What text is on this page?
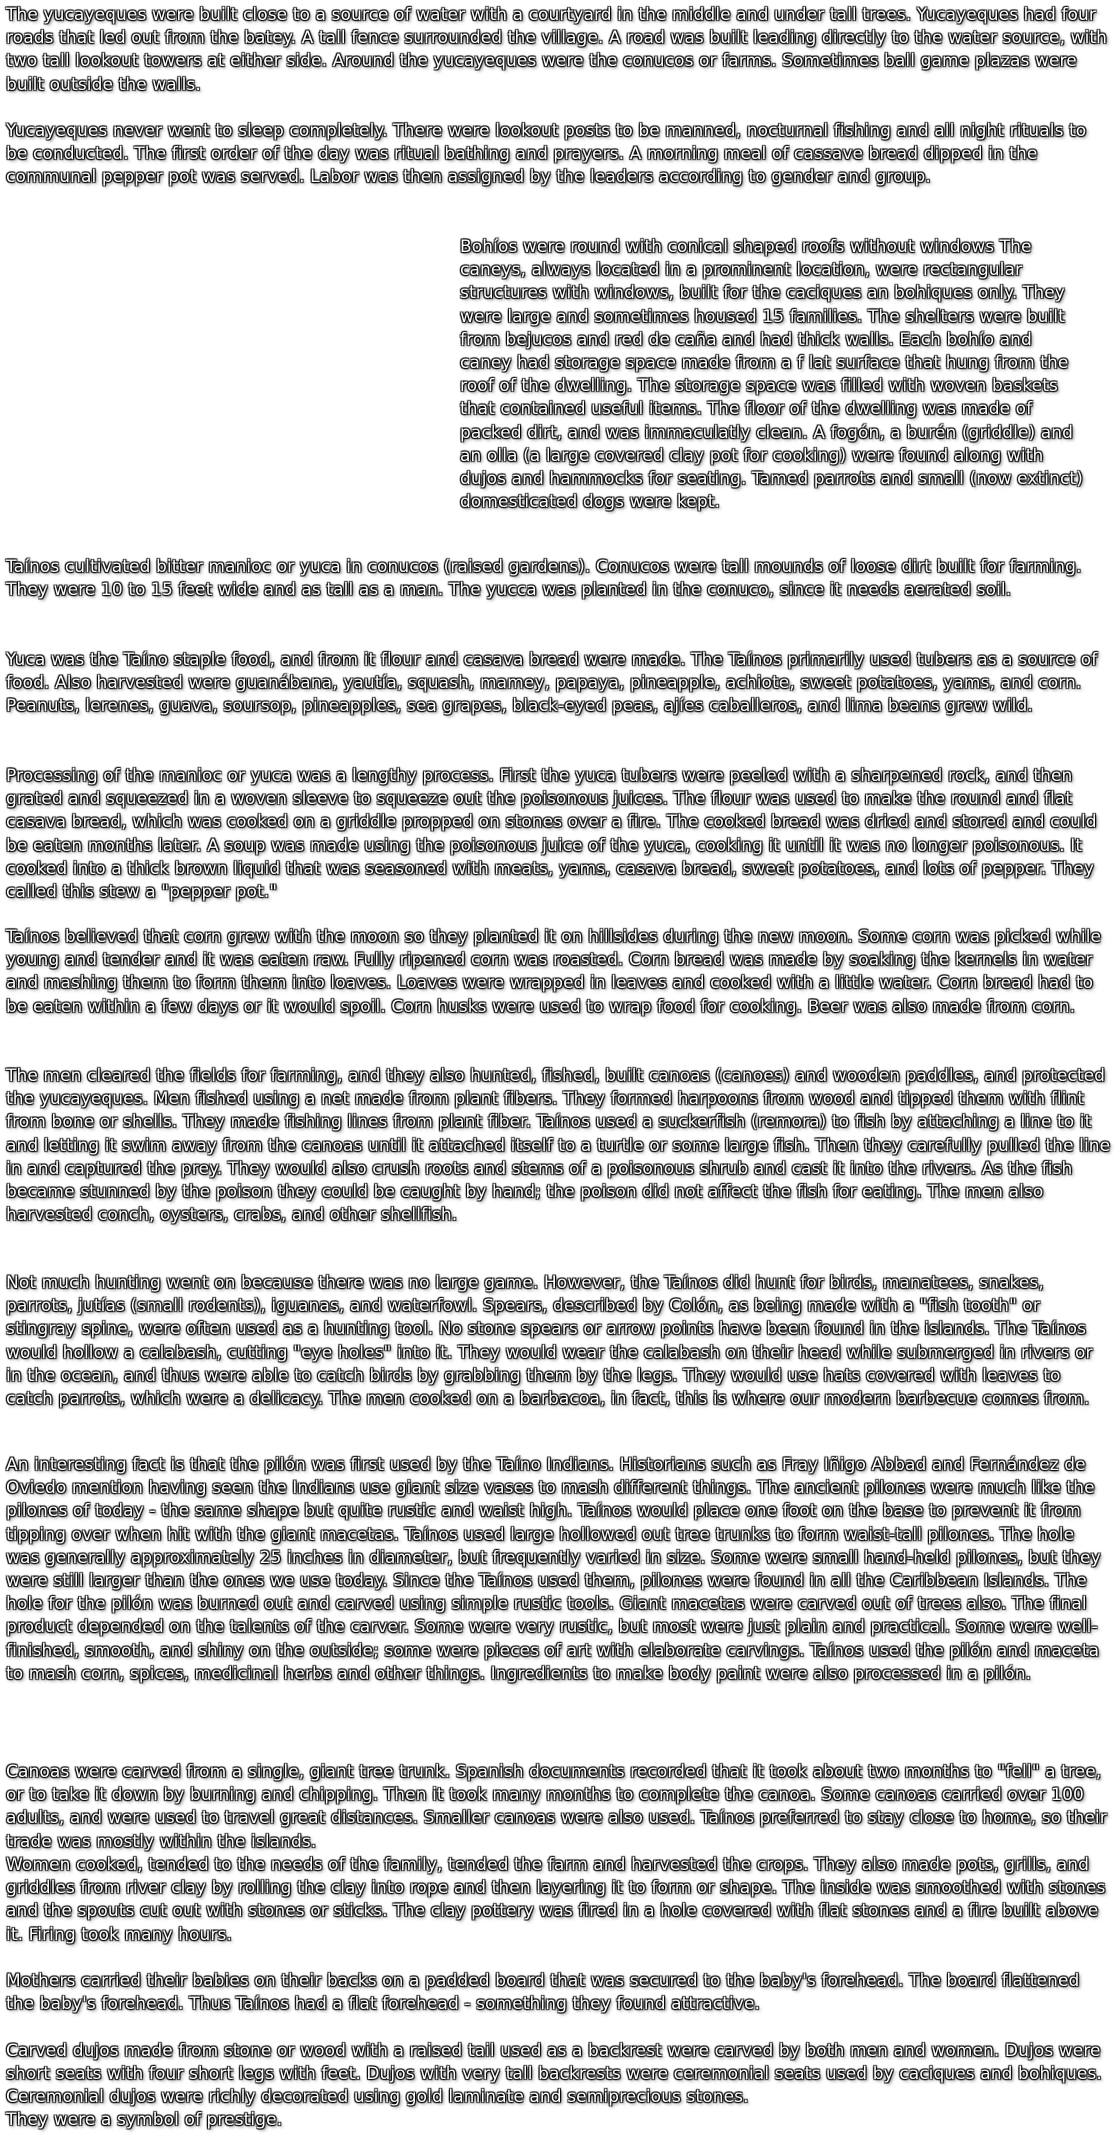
The yucayeques were built close to a source of water with a courtyard in the middle and under tall trees. Yucayeques had four roads that led out from the batey. A tall fence surrounded the village. A road was built leading directly to the water source, with two tall lookout towers at either side. Around the yucayeques were the conucos or farms. Sometimes ball game plazas were built outside the walls.

Yucayeques never went to sleep completely. There were lookout posts to be manned, nocturnal fishing and all night rituals to be conducted. The first order of the day was ritual bathing and prayers. A morning meal of cassave bread dipped in the communal pepper pot was served. Labor was then assigned by the leaders according to gender and group.

Bohíos were round with conical shaped roofs without windows The caneys, always located in a prominent location, were rectangular structures with windows, built for the caciques an bohiques only. They were large and sometimes housed 15 families. The shelters were built from bejucos and red de caña and had thick walls. Each bohío and caney had storage space made from a f lat surface that hung from the roof of the dwelling. The storage space was filled with woven baskets that contained useful items. The floor of the dwelling was made of packed dirt, and was immaculatly clean. A fogón, a burén (griddle) and an olla (a large covered clay pot for cooking) were found along with dujos and hammocks for seating. Tamed parrots and small (now extinct) domesticated dogs were kept.

Taínos cultivated bitter manioc or yuca in conucos (raised gardens). Conucos were tall mounds of loose dirt built for farming. They were 10 to 15 feet wide and as tall as a man. The yucca was planted in the conuco, since it needs aerated soil.

Yuca was the Taíno staple food, and from it flour and casava bread were made. The Taínos primarily used tubers as a source of food. Also harvested were guanábana, yautía, squash, mamey, papaya, pineapple, achiote, sweet potatoes, yams, and corn. Peanuts, lerenes, guava, soursop, pineapples, sea grapes, black-eyed peas, ajíes caballeros, and lima beans grew wild.

Processing of the manioc or yuca was a lengthy process. First the yuca tubers were peeled with a sharpened rock, and then grated and squeezed in a woven sleeve to squeeze out the poisonous juices. The flour was used to make the round and flat casava bread, which was cooked on a griddle propped on stones over a fire. The cooked bread was dried and stored and could be eaten months later. A soup was made using the poisonous juice of the yuca, cooking it until it was no longer poisonous. It cooked into a thick brown liquid that was seasoned with meats, yams, casava bread, sweet potatoes, and lots of pepper. They called this stew a "pepper pot."

Taínos believed that corn grew with the moon so they planted it on hillsides during the new moon. Some corn was picked while young and tender and it was eaten raw. Fully ripened corn was roasted. Corn bread was made by soaking the kernels in water and mashing them to form them into loaves. Loaves were wrapped in leaves and cooked with a little water. Corn bread had to be eaten within a few days or it would spoil. Corn husks were used to wrap food for cooking. Beer was also made from corn.

The men cleared the fields for farming, and they also hunted, fished, built canoas (canoes) and wooden paddles, and protected the yucayeques. Men fished using a net made from plant fibers. They formed harpoons from wood and tipped them with flint from bone or shells. They made fishing lines from plant fiber. Taínos used a suckerfish (remora) to fish by attaching a line to it and letting it swim away from the canoas until it attached itself to a turtle or some large fish. Then they carefully pulled the line in and captured the prey. They would also crush roots and stems of a poisonous shrub and cast it into the rivers. As the fish became stunned by the poison they could be caught by hand; the poison did not affect the fish for eating. The men also harvested conch, oysters, crabs, and other shellfish.

Not much hunting went on because there was no large game. However, the Taínos did hunt for birds, manatees, snakes, parrots, jutías (small rodents), iguanas, and waterfowl. Spears, described by Colón, as being made with a "fish tooth" or stingray spine, were often used as a hunting tool. No stone spears or arrow points have been found in the islands. The Taínos would hollow a calabash, cutting "eye holes" into it. They would wear the calabash on their head while submerged in rivers or in the ocean, and thus were able to catch birds by grabbing them by the legs. They would use hats covered with leaves to catch parrots, which were a delicacy. The men cooked on a barbacoa, in fact, this is where our modern barbecue comes from.

An interesting fact is that the pilón was first used by the Taíno Indians. Historians such as Fray Iñigo Abbad and Fernández de Oviedo mention having seen the Indians use giant size vases to mash different things. The ancient pilones were much like the pilones of today - the same shape but quite rustic and waist high. Taínos would place one foot on the base to prevent it from tipping over when hit with the giant macetas. Taínos used large hollowed out tree trunks to form waist-tall pilones. The hole was generally approximately 25 inches in diameter, but frequently varied in size. Some were small hand-held pilones, but they were still larger than the ones we use today. Since the Taínos used them, pilones were found in all the Caribbean Islands. The hole for the pilón was burned out and carved using simple rustic tools. Giant macetas were carved out of trees also. The final product depended on the talents of the carver. Some were very rustic, but most were just plain and practical. Some were well-finished, smooth, and shiny on the outside; some were pieces of art with elaborate carvings. Taínos used the pilón and maceta to mash corn, spices, medicinal herbs and other things. Ingredients to make body paint were also processed in a pilón.

Canoas were carved from a single, giant tree trunk. Spanish documents recorded that it took about two months to "fell" a tree, or to take it down by burning and chipping. Then it took many months to complete the canoa. Some canoas carried over 100 adults, and were used to travel great distances. Smaller canoas were also used. Taínos preferred to stay close to home, so their trade was mostly within the islands.

Women cooked, tended to the needs of the family, tended the farm and harvested the crops. They also made pots, grills, and griddles from river clay by rolling the clay into rope and then layering it to form or shape. The inside was smoothed with stones and the spouts cut out with stones or sticks. The clay pottery was fired in a hole covered with flat stones and a fire built above it. Firing took many hours.

Mothers carried their babies on their backs on a padded board that was secured to the baby's forehead. The board flattened the baby's forehead. Thus Taínos had a flat forehead - something they found attractive.

Carved dujos made from stone or wood with a raised tail used as a backrest were carved by both men and women. Dujos were short seats with four short legs with feet. Dujos with very tall backrests were ceremonial seats used by caciques and bohiques. Ceremonial dujos were richly decorated using gold laminate and semiprecious stones.

They were a symbol of prestige.
